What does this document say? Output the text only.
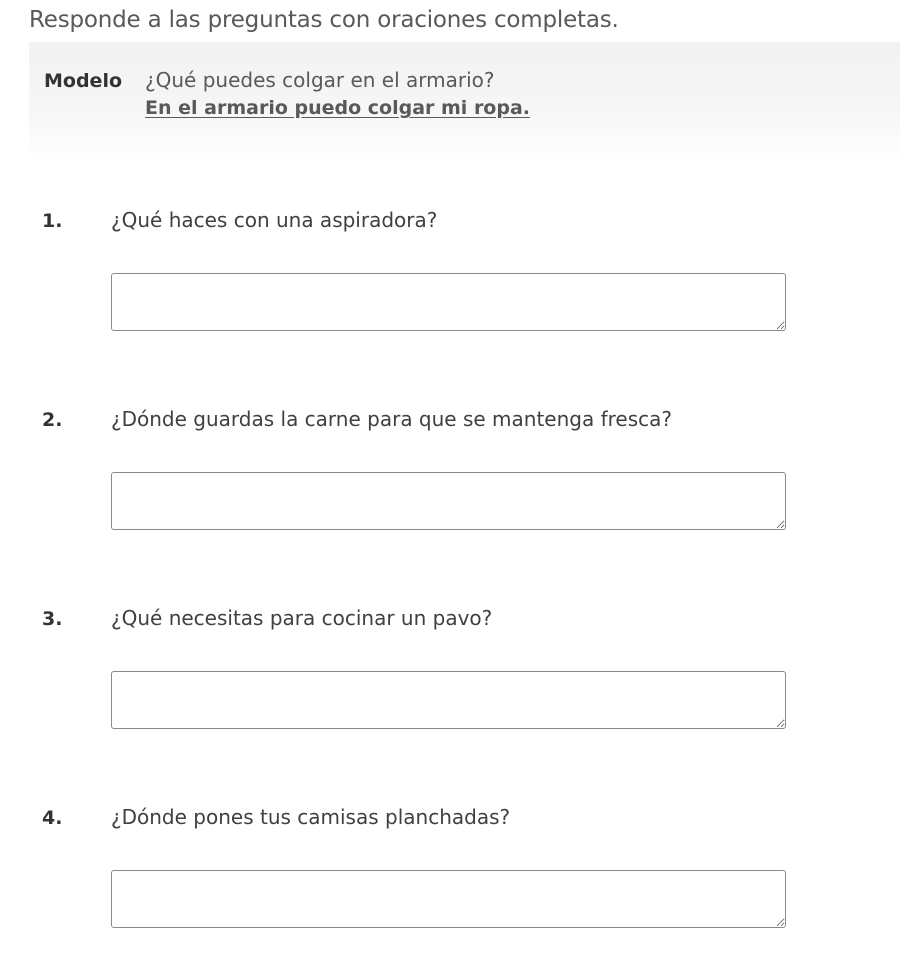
Responde a las preguntas con oraciones completas.
Modelo ¿Qué puedes colgar en el armario?
En el armario puedo colgar mi ropa.
1. ¿Qué haces con una aspiradora?
2. ¿Dónde guardas la carne para que se mantenga fresca?
3. ¿Qué necesitas para cocinar un pavo?
4. ¿Dónde pones tus camisas planchadas?
